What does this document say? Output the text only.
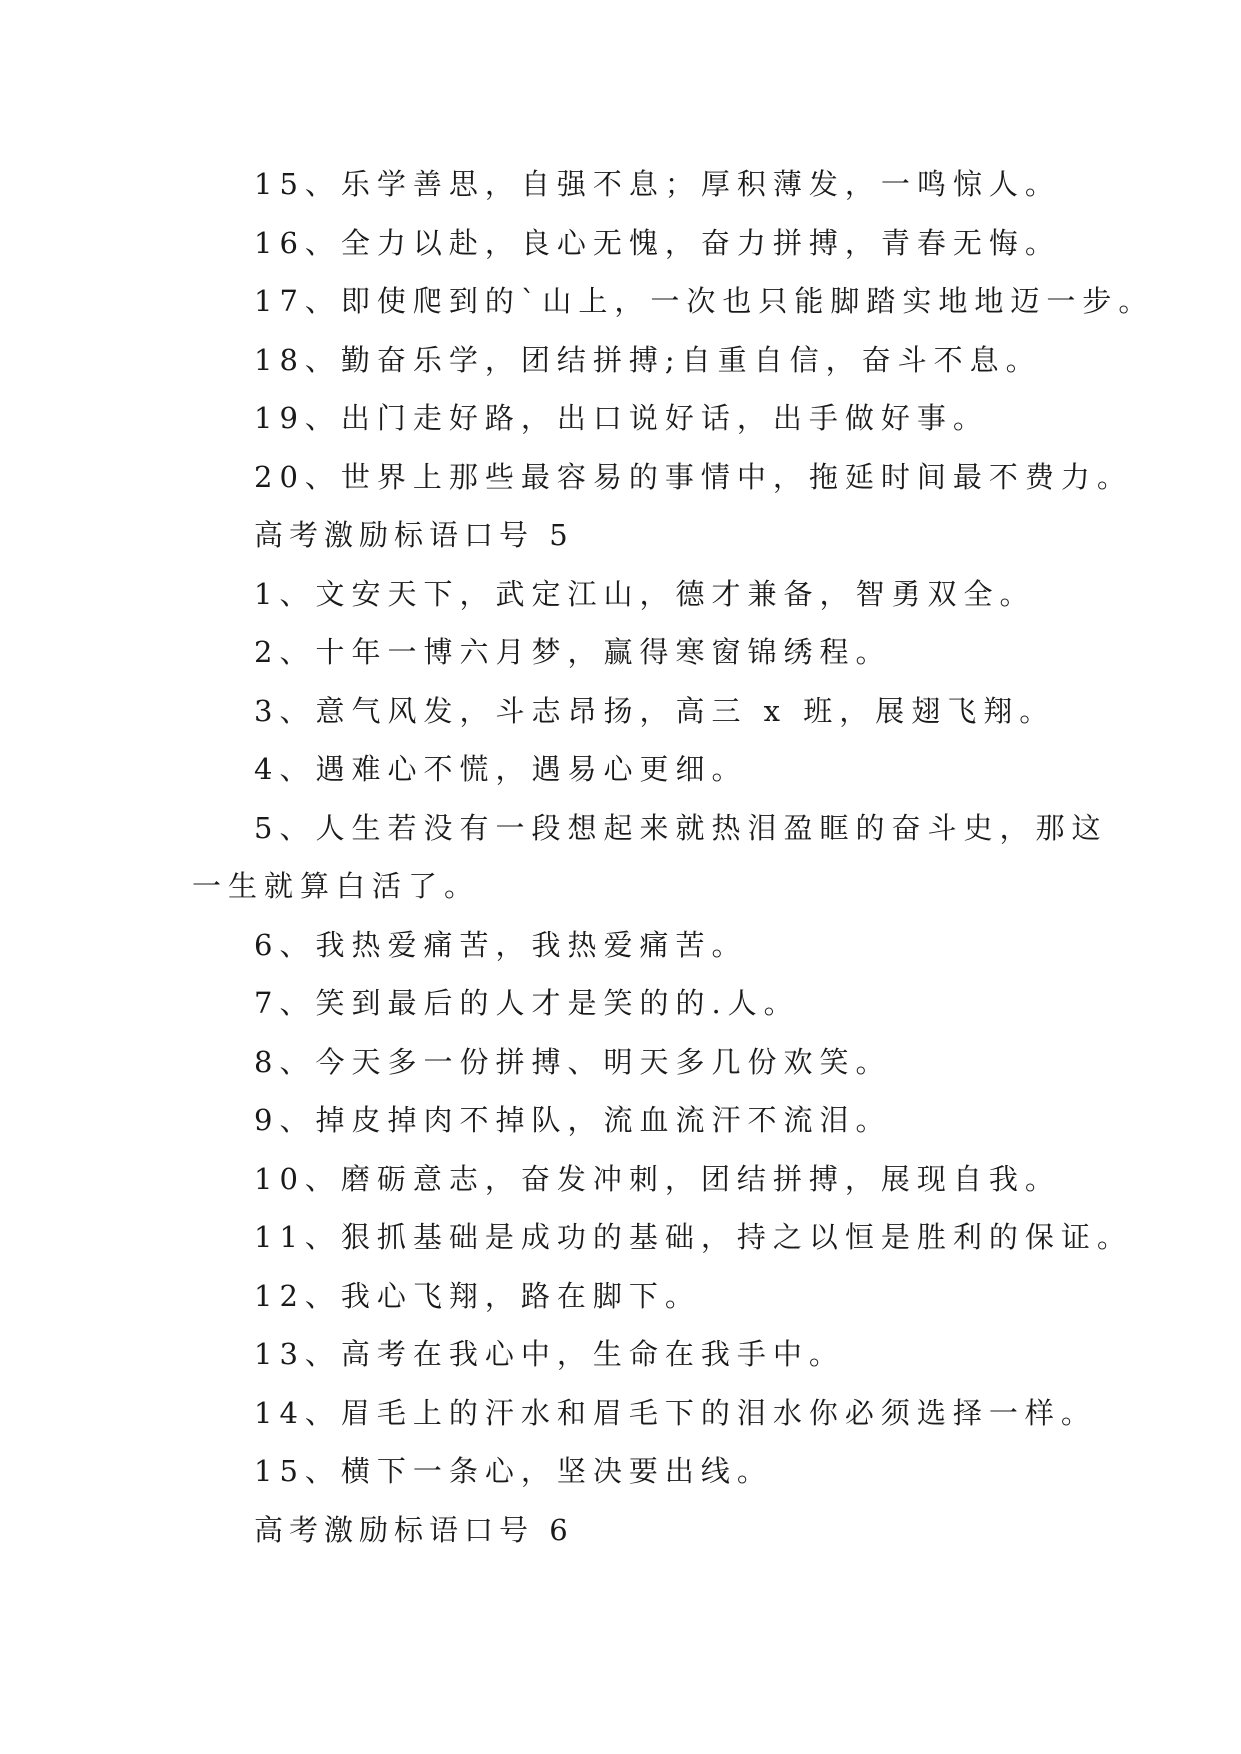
15、乐学善思，自强不息；厚积薄发，一鸣惊人。
16、全力以赴，良心无愧，奋力拼搏，青春无悔。
17、即使爬到的`山上，一次也只能脚踏实地地迈一步。
18、勤奋乐学，团结拼搏;自重自信，奋斗不息。
19、出门走好路，出口说好话，出手做好事。
20、世界上那些最容易的事情中，拖延时间最不费力。
高考激励标语口号 5
1、文安天下，武定江山，德才兼备，智勇双全。
2、十年一博六月梦，赢得寒窗锦绣程。
3、意气风发，斗志昂扬，高三 x 班，展翅飞翔。
4、遇难心不慌，遇易心更细。
5、人生若没有一段想起来就热泪盈眶的奋斗史，那这
一生就算白活了。
6、我热爱痛苦，我热爱痛苦。
7、笑到最后的人才是笑的的.人。
8、今天多一份拼搏、明天多几份欢笑。
9、掉皮掉肉不掉队，流血流汗不流泪。
10、磨砺意志，奋发冲刺，团结拼搏，展现自我。
11、狠抓基础是成功的基础，持之以恒是胜利的保证。
12、我心飞翔，路在脚下。
13、高考在我心中，生命在我手中。
14、眉毛上的汗水和眉毛下的泪水你必须选择一样。
15、横下一条心，坚决要出线。
高考激励标语口号 6
